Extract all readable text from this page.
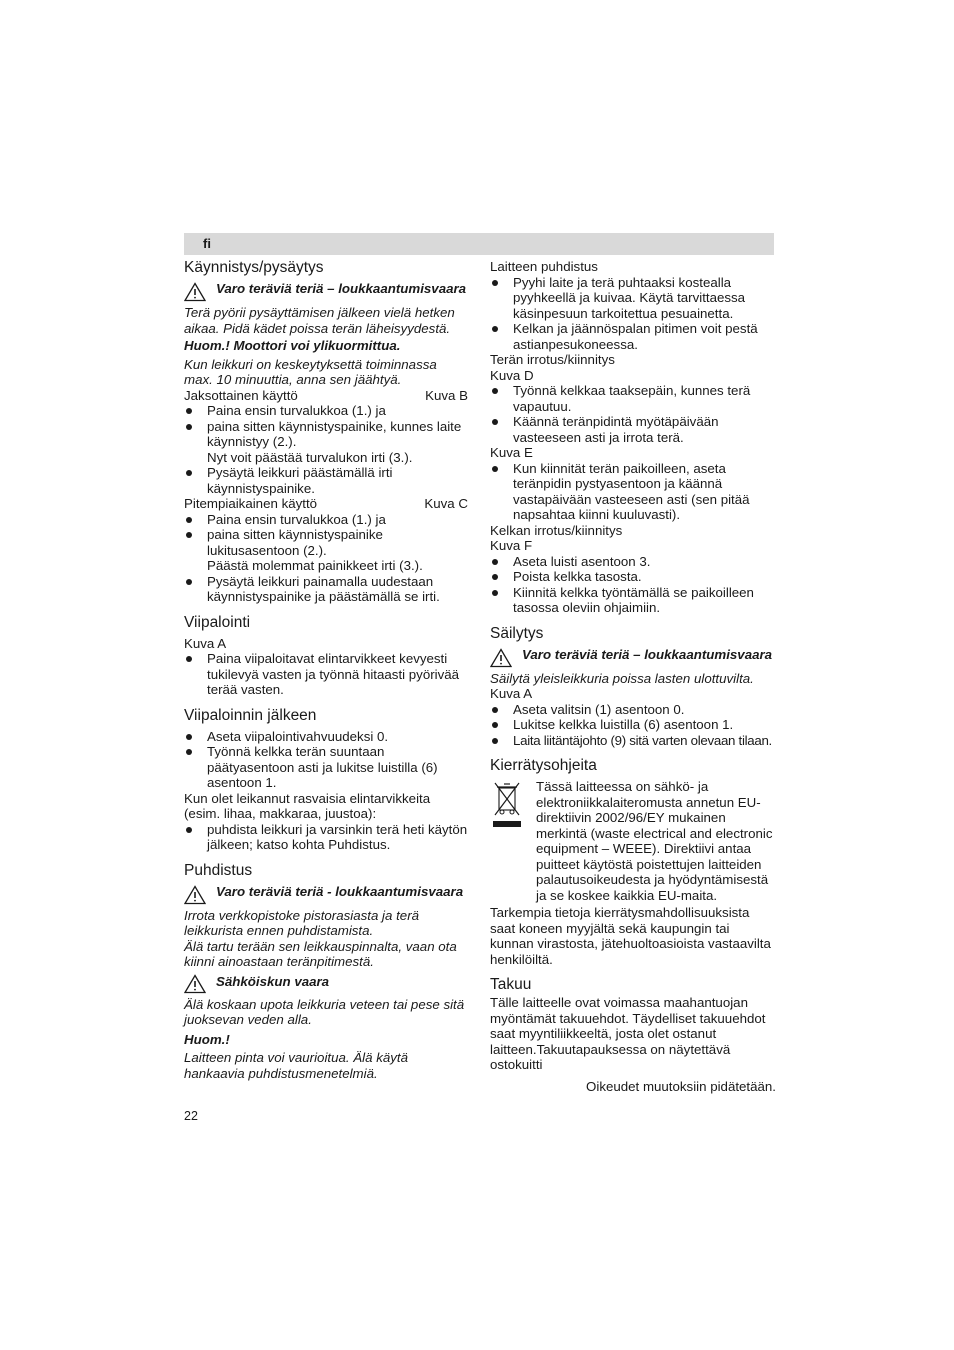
fi
Käynnistys/pysäytys
Varo teräviä teriä – loukkaantumisvaara

Terä pyörii pysäyttämisen jälkeen vielä hetken aikaa. Pidä kädet poissa terän läheisyydestä.

Huom.! Moottori voi ylikuormittua.

Kun leikkuri on keskeytyksettä toiminnassa max. 10 minuuttia, anna sen jäähtyä.

Jaksottainen käyttö	Kuva B
Paina ensin turvalukkoa (1.) ja
paina sitten käynnistyspainike, kunnes laite käynnistyy (2.).
Nyt voit päästää turvalukon irti (3.).
Pysäytä leikkuri päästämällä irti käynnistyspainike.
Pitempiaikainen käyttö	Kuva C
Paina ensin turvalukkoa (1.) ja
paina sitten käynnistyspainike lukitusasentoon (2.).
Päästä molemmat painikkeet irti (3.).
Pysäytä leikkuri painamalla uudestaan käynnistyspainike ja päästämällä se irti.
Viipalointi

Kuva A

Paina viipaloitavat elintarvikkeet kevyesti tukilevyä vasten ja työnnä hitaasti pyörivää terää vasten.
Viipaloinnin jälkeen
Aseta viipalointivahvuudeksi 0.
Työnnä kelkka terän suuntaan päätyasentoon asti ja lukitse luistilla (6) asentoon 1.

Kun olet leikannut rasvaisia elintarvikkeita (esim. lihaa, makkaraa, juustoa):

puhdista leikkuri ja varsinkin terä heti käytön jälkeen; katso kohta Puhdistus.
Puhdistus
Varo teräviä teriä - loukkaantumisvaara

Irrota verkkopistoke pistorasiasta ja terä leikkurista ennen puhdistamista.

Älä tartu terään sen leikkauspinnalta, vaan ota kiinni ainoastaan teränpitimestä.

Sähköiskun vaara

Älä koskaan upota leikkuria veteen tai pese sitä juoksevan veden alla.

Huom.!

Laitteen pinta voi vaurioitua. Älä käytä hankaavia puhdistusmenetelmiä.

Laitteen puhdistus

Pyyhi laite ja terä puhtaaksi kostealla pyyhkeellä ja kuivaa. Käytä tarvittaessa käsinpesuun tarkoitettua pesuainetta.
Kelkan ja jäännöspalan pitimen voit pestä astianpesukoneessa.

Terän irrotus/kiinnitys

Kuva D

Työnnä kelkkaa taaksepäin, kunnes terä vapautuu.
Käännä teränpidintä myötäpäivään vasteeseen asti ja irrota terä.

Kuva E

Kun kiinnität terän paikoilleen, aseta teränpidin pystyasentoon ja käännä vastapäivään vasteeseen asti (sen pitää napsahtaa kiinni kuuluvasti).

Kelkan irrotus/kiinnitys

Kuva F

Aseta luisti asentoon 3.
Poista kelkka tasosta.
Kiinnitä kelkka työntämällä se paikoilleen tasossa oleviin ohjaimiin.
Säilytys
Varo teräviä teriä – loukkaantumisvaara

Säilytä yleisleikkuria poissa lasten ulottuvilta.

Kuva A

Aseta valitsin (1) asentoon 0.
Lukitse kelkka luistilla (6) asentoon 1.
Laita liitäntäjohto (9) sitä varten olevaan tilaan.
Kierrätysohjeita

Tässä laitteessa on sähkö- ja elektroniikkalaiteromusta annetun EU-direktiivin 2002/96/EY mukainen merkintä (waste electrical and electronic equipment – WEEE). Direktiivi antaa puitteet käytöstä poistettujen laitteiden palautusoikeudesta ja hyödyntämisestä ja se koskee kaikkia EU-maita.

Tarkempia tietoja kierrätysmahdollisuuksista saat koneen myyjältä sekä kaupungin tai kunnan virastosta, jätehuoltoasioista vastaavilta henkilöiltä.

Takuu

Tälle laitteelle ovat voimassa maahantuojan myöntämät takuuehdot. Täydelliset takuuehdot saat myyntiliikkeeltä, josta olet ostanut laitteen.Takuutapauksessa on näytettävä ostokuitti

Oikeudet muutoksiin pidätetään.

22
